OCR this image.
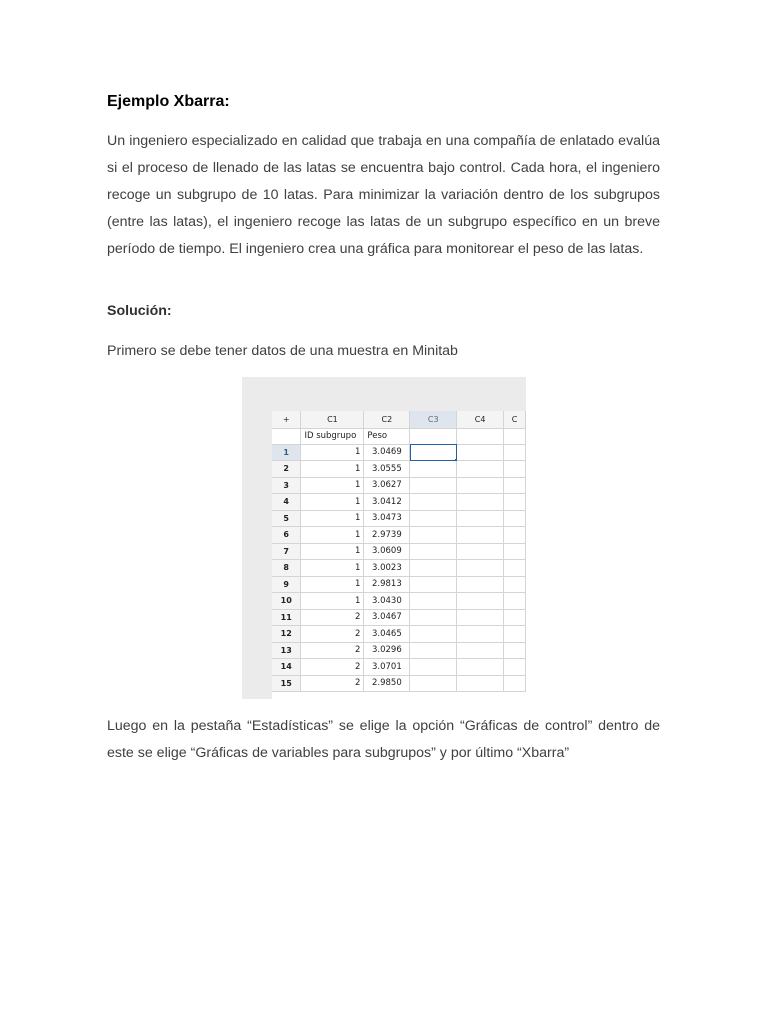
Ejemplo Xbarra:

Un ingeniero especializado en calidad que trabaja en una compañía de enlatado evalúa si el proceso de llenado de las latas se encuentra bajo control. Cada hora, el ingeniero recoge un subgrupo de 10 latas. Para minimizar la variación dentro de los subgrupos (entre las latas), el ingeniero recoge las latas de un subgrupo específico en un breve período de tiempo. El ingeniero crea una gráfica para monitorear el peso de las latas.

Solución:

Primero se debe tener datos de una muestra en Minitab

+	C1	C2	C3	C4	C
	ID subgrupo	Peso			
1	1	3.0469	

2	1	3.0555			
3	1	3.0627			
4	1	3.0412			
5	1	3.0473			
6	1	2.9739			
7	1	3.0609			
8	1	3.0023			
9	1	2.9813			
10	1	3.0430			
11	2	3.0467			
12	2	3.0465			
13	2	3.0296			
14	2	3.0701			
15	2	2.9850			

Luego en la pestaña “Estadísticas” se elige la opción “Gráficas de control” dentro de este se elige “Gráficas de variables para subgrupos” y por último “Xbarra”
